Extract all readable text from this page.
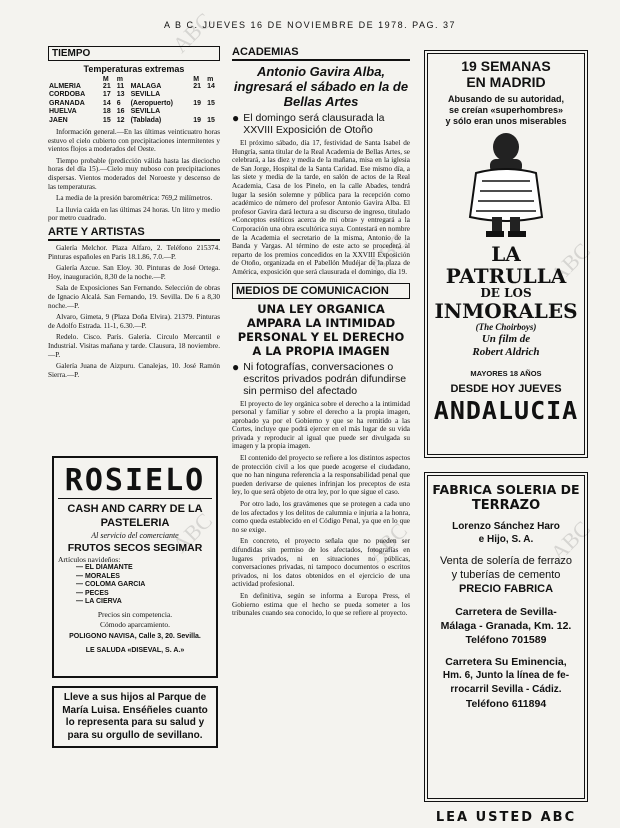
A B C. JUEVES 16 DE NOVIEMBRE DE 1978. PAG. 37
TIEMPO
Temperaturas extremas
	M	m		M	m
ALMERIA	21	11	MALAGA	21	14
CORDOBA	17	13	SEVILLA		
GRANADA	14	6	(Aeropuerto)	19	15
HUELVA	18	16	SEVILLA		
JAEN	15	12	(Tablada)	19	15

Información general.—En las últimas veinticuatro horas estuvo el cielo cubierto con precipitaciones intermitentes y vientos flojos a moderados del Oeste.

Tiempo probable (predicción válida hasta las dieciocho horas del día 15).—Cielo muy nuboso con precipitaciones dispersas. Vientos moderados del Noroeste y descenso de las temperaturas.

La media de la presión barométrica: 769,2 milímetros.

La lluvia caída en las últimas 24 horas. Un litro y medio por metro cuadrado.

ARTE Y ARTISTAS

Galería Melchor. Plaza Alfaro, 2. Teléfono 215374. Pinturas españoles en Paris 18.1.86, 7.0.—P.

Galería Azcue. San Eloy. 30. Pinturas de José Ortega. Hoy, inauguración, 8,30 de la noche.—P.

Sala de Exposiciones San Fernando. Selección de obras de Ignacio Alcalá. San Fernando, 19. Sevilla. De 6 a 8,30 noche.—P.

Alvaro, Gimeta, 9 (Plaza Doña Elvira). 21379. Pinturas de Adolfo Estrada. 11-1, 6.30.—P.

Redelo. Cisco. París. Galería. Circulo Mercantil e Industrial. Visitas mañana y tarde. Clausura, 18 noviembre.—P.

Galería Juana de Aizpuru. Canalejas, 10. José Ramón Sierra.—P.

ROSIELO
CASH AND CARRY DE LA
PASTELERIA
Al servicio del comerciante
FRUTOS SECOS SEGIMAR
Artículos navideños:
— EL DIAMANTE
— MORALES
— COLOMA GARCIA
— PECES
— LA CIERVA
Precios sin competencia.
Cómodo aparcamiento.
POLIGONO NAVISA, Calle 3, 20. Sevilla.
LE SALUDA «DISEVAL, S. A.»
Lleve a sus hijos al Parque de María Luisa. Enséñeles cuanto lo representa para su salud y para su orgullo de sevillano.
ACADEMIAS
Antonio Gavira Alba, ingresará el sábado en la de Bellas Artes
● El domingo será clausurada la XXVIII Exposición de Otoño

El próximo sábado, día 17, festividad de Santa Isabel de Hungría, santa titular de la Real Academia de Bellas Artes, se celebrará, a las diez y media de la mañana, misa en la iglesia de San Jorge, Hospital de la Santa Caridad. Ese mismo día, a las siete y media de la tarde, en salón de actos de la Real Academia, Casa de los Pinelo, en la calle Abades, tendrá lugar la sesión solemne y pública para la recepción como académico de número del profesor Antonio Gavira Alba. El profesor Gavira dará lectura a su discurso de ingreso, titulado «Conceptos estéticos acerca de mi obra» y entregará a la Corporación una obra escultórica suya. Contestará en nombre de la Academia el secretario de la misma, Antonio de la Banda y Vargas. Al término de este acto se procederá al reparto de los premios concedidos en la XXVIII Exposición de Otoño, organizada en el Pabellón Mudéjar de la plaza de América, exposición que será clausurada el domingo, día 19.

MEDIOS DE COMUNICACION
UNA LEY ORGANICA AMPARA LA INTIMIDAD PERSONAL Y EL DERECHO A LA PROPIA IMAGEN
● Ni fotografías, conversaciones o escritos privados podrán difundirse sin permiso del afectado

El proyecto de ley orgánica sobre el derecho a la intimidad personal y familiar y sobre el derecho a la propia imagen, aprobado ya por el Gobierno y que se ha remitido a las Cortes, incluye que podrá ejercer en el más lugar de su vida privada y reproducir al igual que puede ser divulgada su imagen y la propia imagen.

El contenido del proyecto se refiere a los distintos aspectos de protección civil a los que puede acogerse el ciudadano, que no han ninguna referencia a la responsabilidad penal que pueden derivarse de quienes infrinjan los preceptos de esta ley, lo que será objeto de otra ley, por lo que sigue el caso.

Por otro lado, los gravámenes que se protegen a cada uno de los afectados y los delitos de calumnia e injuria a la honra, como queda establecido en el Código Penal, ya que en lo que no se exige.

En concreto, el proyecto señala que no pueden ser difundidas sin permiso de los afectados, fotografías en lugares privados, ni en situaciones no públicas, conversaciones privadas, ni tampoco documentos o escritos privados, ni los datos obtenidos en el ejercicio de una actividad profesional.

En definitiva, según se informa a Europa Press, el Gobierno estima que el hecho se pueda someter a los tribunales cuando sea conocido, lo que se refiere al proyecto.

19 SEMANAS
EN MADRID
Abusando de su autoridad,
se creían «superhombres»
y sólo eran unos miserables
LA PATRULLA
DE LOS
INMORALES
(The Choirboys)
Un film de
Robert Aldrich
MAYORES 18 AÑOS
DESDE HOY JUEVES
ANDALUCIA
FABRICA SOLERIA DE
TERRAZO
Lorenzo Sánchez Haro
e Hijo, S. A.
Venta de solería de ferrazo
y tuberías de cemento
PRECIO FABRICA
Carretera de Sevilla-
Málaga - Granada, Km. 12.
Teléfono 701589
Carretera Su Eminencia,
Hm. 6, Junto la línea de fe-
rrocarril Sevilla - Cádiz.
Teléfono 611894
LEA USTED ABC
ABC
ABC	ABC
ABC	ABC	ABC
